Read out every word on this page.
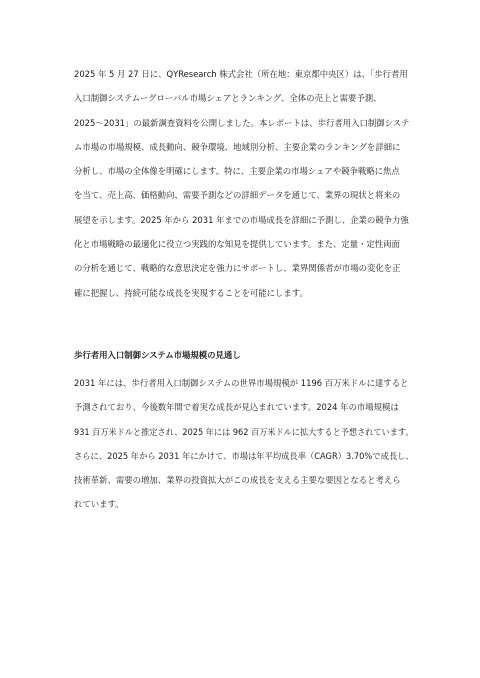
2025 年 5 月 27 日に、QYResearch 株式会社（所在地：東京都中央区）は、「歩行者用
入口制御システムーグローバル市場シェアとランキング、全体の売上と需要予測、
2025～2031」の最新調査資料を公開しました。本レポートは、歩行者用入口制御システ
ム市場の市場規模、成長動向、競争環境、地域別分析、主要企業のランキングを詳細に
分析し、市場の全体像を明確にします。特に、主要企業の市場シェアや競争戦略に焦点
を当て、売上高、価格動向、需要予測などの詳細データを通じて、業界の現状と将来の
展望を示します。2025 年から 2031 年までの市場成長を詳細に予測し、企業の競争力強
化と市場戦略の最適化に役立つ実践的な知見を提供しています。また、定量・定性両面
の分析を通じて、戦略的な意思決定を強力にサポートし、業界関係者が市場の変化を正
確に把握し、持続可能な成長を実現することを可能にします。

歩行者用入口制御システム市場規模の見通し

2031 年には、歩行者用入口制御システムの世界市場規模が 1196 百万米ドルに達すると
予測されており、今後数年間で着実な成長が見込まれています。2024 年の市場規模は
931 百万米ドルと推定され、2025 年には 962 百万米ドルに拡大すると予想されています。
さらに、2025 年から 2031 年にかけて、市場は年平均成長率（CAGR）3.70%で成長し、
技術革新、需要の増加、業界の投資拡大がこの成長を支える主要な要因となると考えら
れています。
